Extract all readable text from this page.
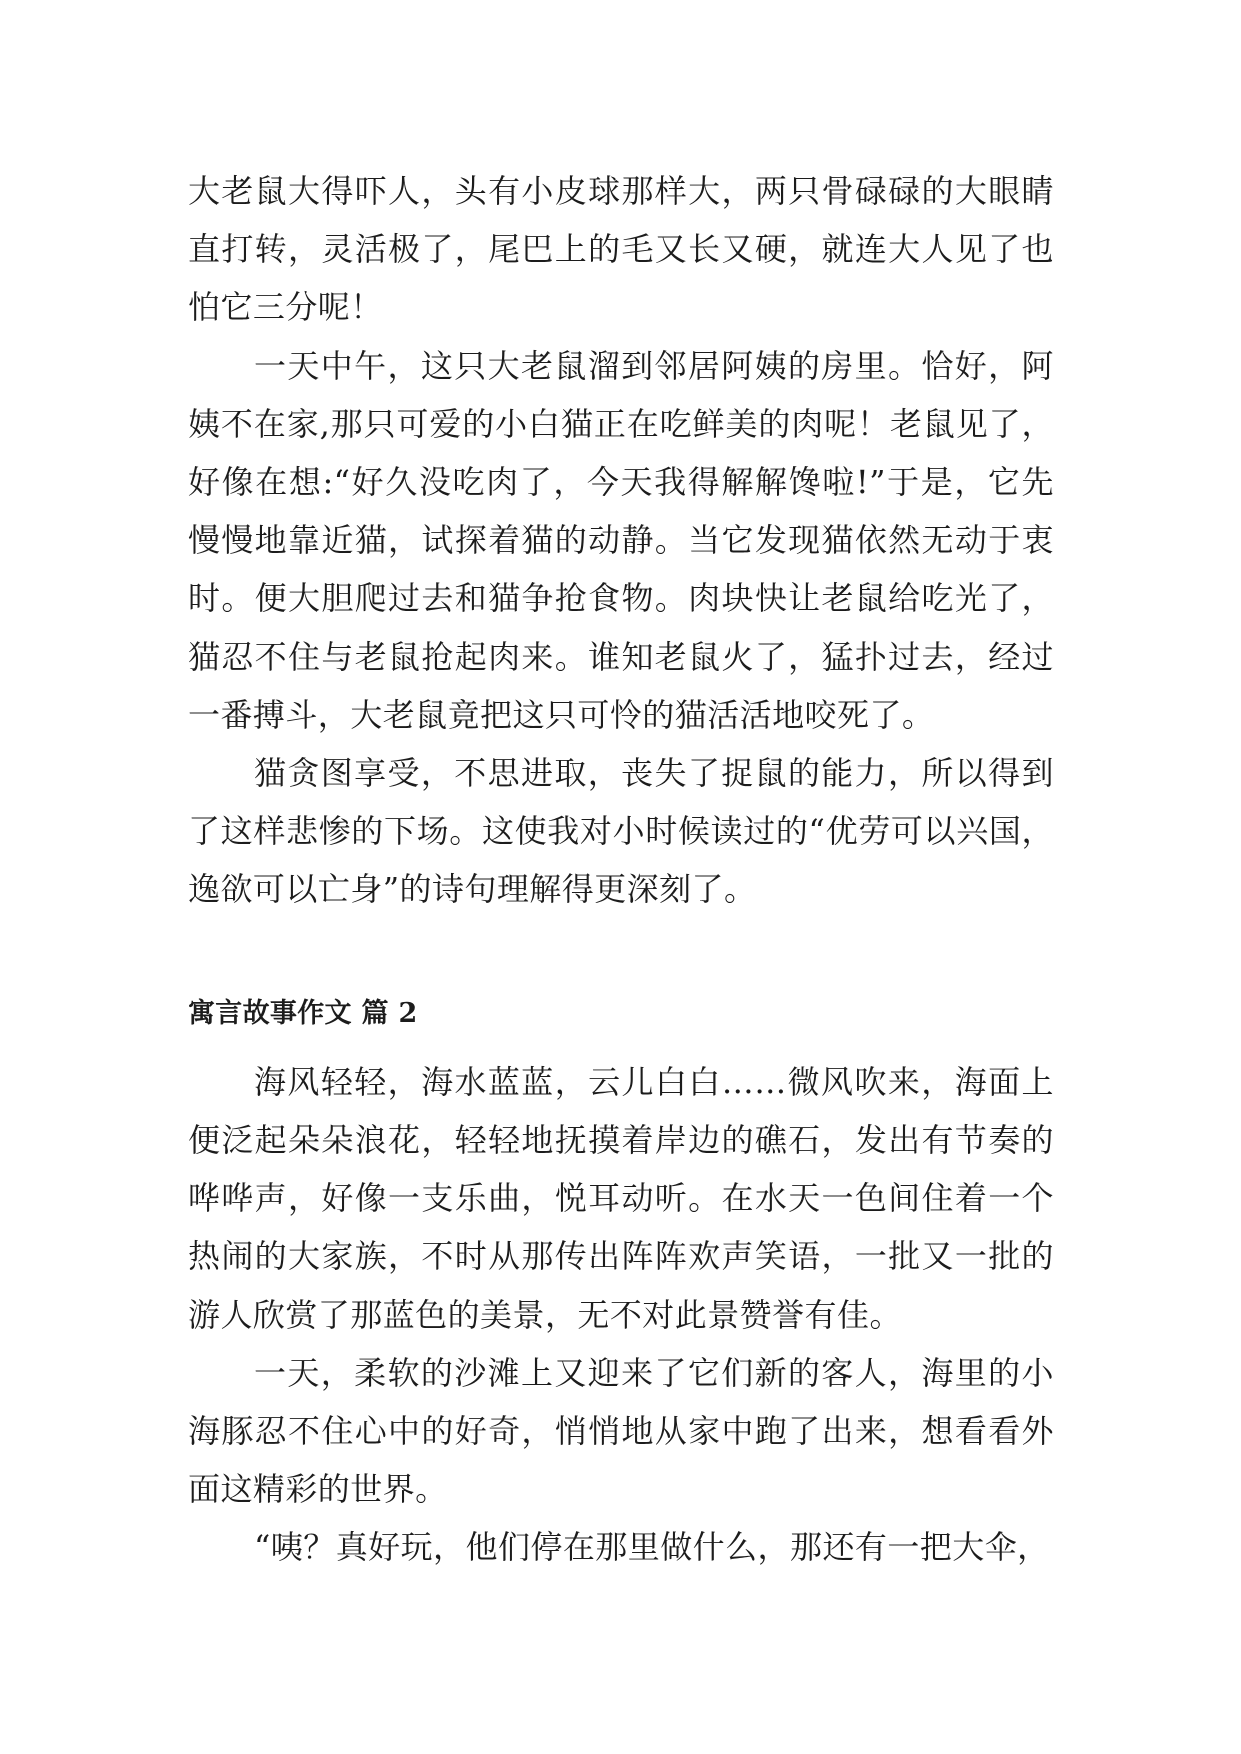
大老鼠大得吓人，头有小皮球那样大，两只骨碌碌的大眼睛直打转，灵活极了，尾巴上的毛又长又硬，就连大人见了也怕它三分呢！

一天中午，这只大老鼠溜到邻居阿姨的房里。恰好，阿姨不在家,那只可爱的小白猫正在吃鲜美的肉呢！老鼠见了，好像在想:“好久没吃肉了，今天我得解解馋啦!”于是，它先慢慢地靠近猫，试探着猫的动静。当它发现猫依然无动于衷时。便大胆爬过去和猫争抢食物。肉块快让老鼠给吃光了，猫忍不住与老鼠抢起肉来。谁知老鼠火了，猛扑过去，经过一番搏斗，大老鼠竟把这只可怜的猫活活地咬死了。

猫贪图享受，不思进取，丧失了捉鼠的能力，所以得到了这样悲惨的下场。这使我对小时候读过的“优劳可以兴国，逸欲可以亡身”的诗句理解得更深刻了。

寓言故事作文 篇 2

海风轻轻，海水蓝蓝，云儿白白……微风吹来，海面上便泛起朵朵浪花，轻轻地抚摸着岸边的礁石，发出有节奏的哗哗声，好像一支乐曲，悦耳动听。在水天一色间住着一个热闹的大家族，不时从那传出阵阵欢声笑语，一批又一批的游人欣赏了那蓝色的美景，无不对此景赞誉有佳。

一天，柔软的沙滩上又迎来了它们新的客人，海里的小海豚忍不住心中的好奇，悄悄地从家中跑了出来，想看看外面这精彩的世界。

“咦？真好玩，他们停在那里做什么，那还有一把大伞，
